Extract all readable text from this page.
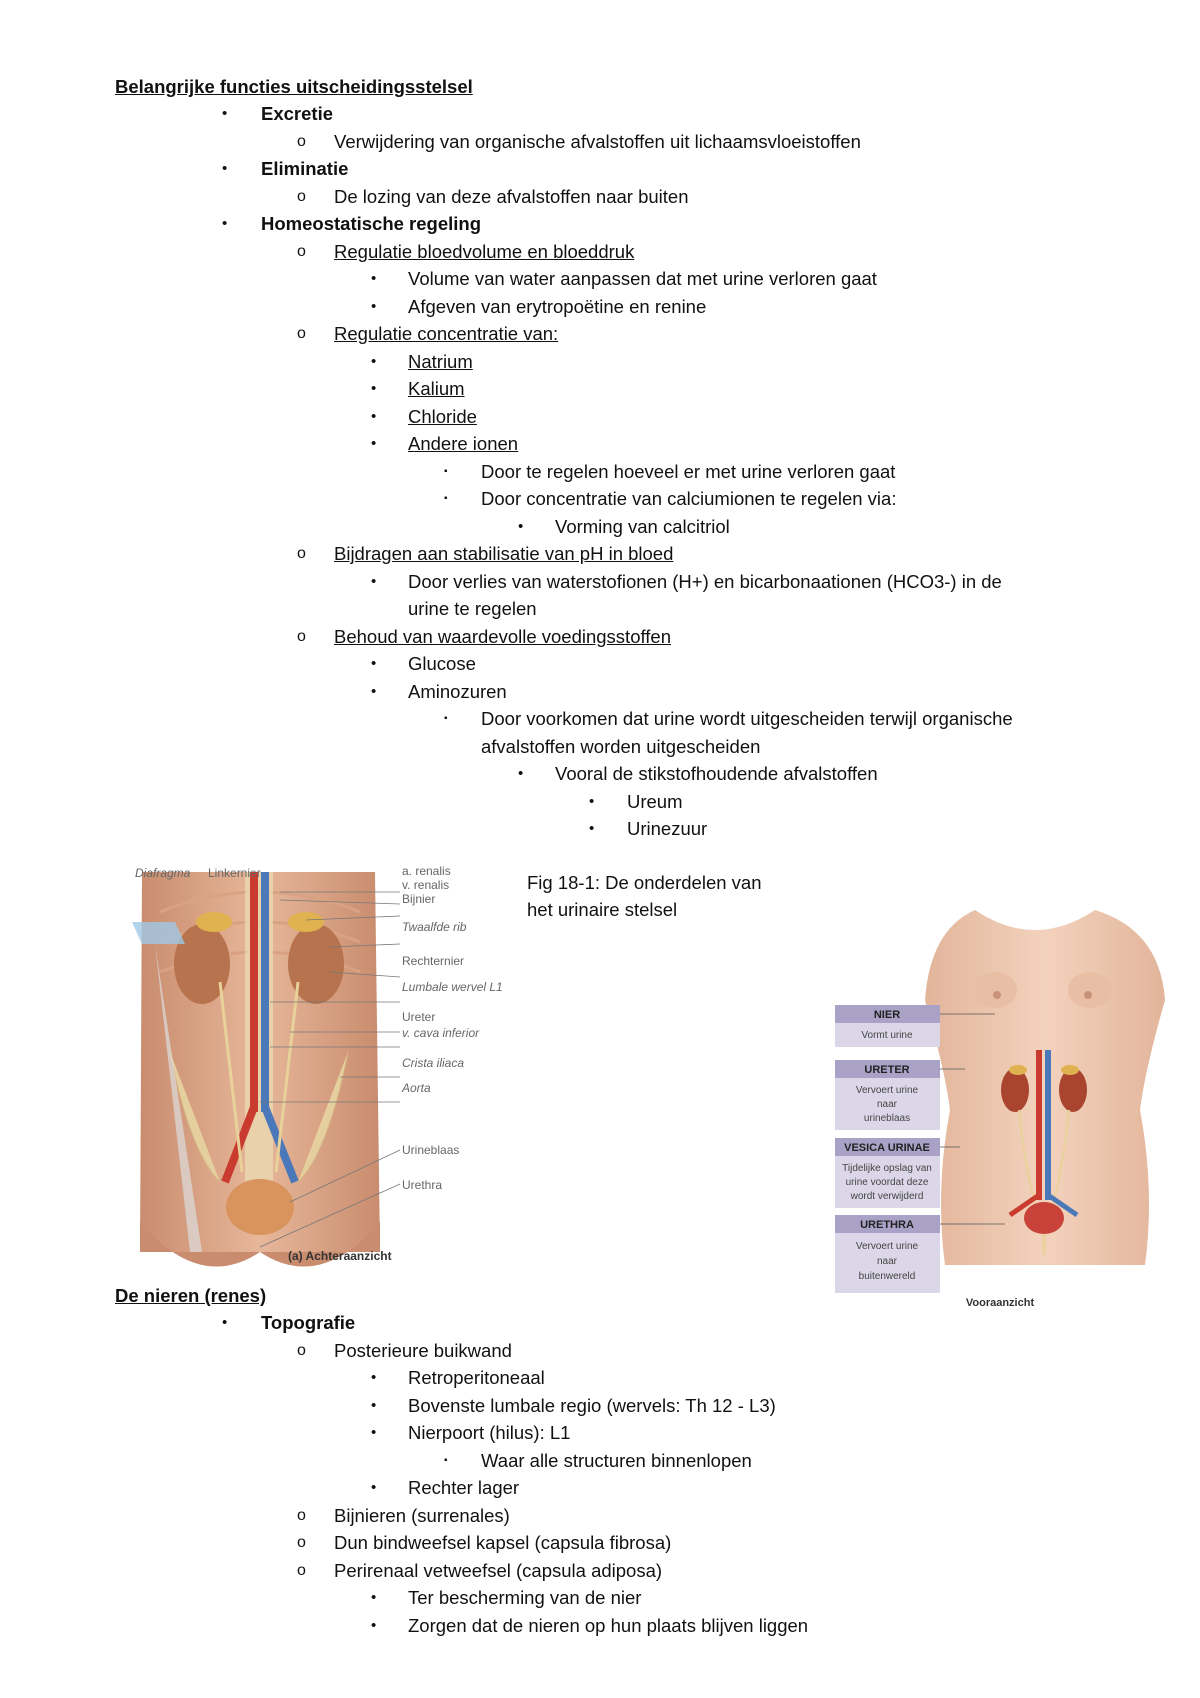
Belangrijke functies uitscheidingsstelsel
• Excretie
o Verwijdering van organische afvalstoffen uit lichaamsvloeistoffen
• Eliminatie
o De lozing van deze afvalstoffen naar buiten
• Homeostatische regeling
o Regulatie bloedvolume en bloeddruk
• Volume van water aanpassen dat met urine verloren gaat
• Afgeven van erytropoëtine en renine
o Regulatie concentratie van:
• Natrium
• Kalium
• Chloride
• Andere ionen
▪ Door te regelen hoeveel er met urine verloren gaat
▪ Door concentratie van calciumionen te regelen via:
• Vorming van calcitriol
o Bijdragen aan stabilisatie van pH in bloed
• Door verlies van waterstofionen (H+) en bicarbonaationen (HCO3-) in de
urine te regelen
o Behoud van waardevolle voedingsstoffen
• Glucose
• Aminozuren
▪ Door voorkomen dat urine wordt uitgescheiden terwijl organische
afvalstoffen worden uitgescheiden
• Vooral de stikstofhoudende afvalstoffen
• Ureum
• Urinezuur
Diafragma Linkernier	a. renalis
v. renalis
Bijnier
Twaalfde rib
Rechternier
Lumbale wervel L1
Ureter
v. cava inferior
Crista iliaca
Aorta
Urineblaas
Urethra
(a) Achteraanzicht
Fig 18-1: De onderdelen van
het urinaire stelsel
NIER
Vormt urine
URETER
Vervoert urine
naar
urineblaas
VESICA URINAE
Tijdelijke opslag van
urine voordat deze
wordt verwijderd
URETHRA
Vervoert urine
naar
buitenwereld
Vooraanzicht
De nieren (renes)
• Topografie
o Posterieure buikwand
• Retroperitoneaal
• Bovenste lumbale regio (wervels: Th 12 - L3)
• Nierpoort (hilus): L1
▪ Waar alle structuren binnenlopen
• Rechter lager
o Bijnieren (surrenales)
o Dun bindweefsel kapsel (capsula fibrosa)
o Perirenaal vetweefsel (capsula adiposa)
• Ter bescherming van de nier
• Zorgen dat de nieren op hun plaats blijven liggen
